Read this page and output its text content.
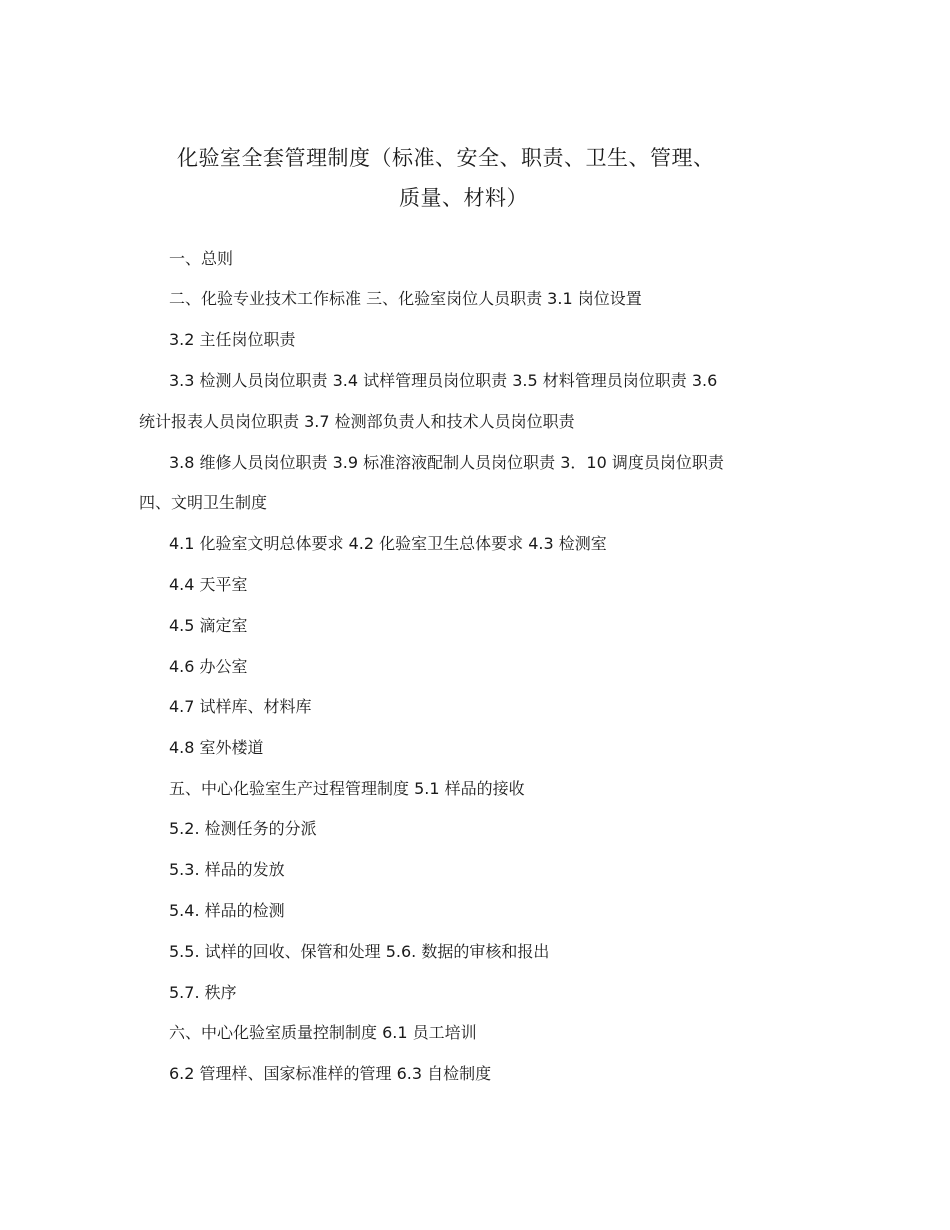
化验室全套管理制度（标准、安全、职责、卫生、管理、
质量、材料）
一、总则
二、化验专业技术工作标准 三、化验室岗位人员职责 3.1 岗位设置
3.2 主任岗位职责
3.3 检测人员岗位职责 3.4 试样管理员岗位职责 3.5 材料管理员岗位职责 3.6
统计报表人员岗位职责 3.7 检测部负责人和技术人员岗位职责
3.8 维修人员岗位职责 3.9 标准溶液配制人员岗位职责 3．10 调度员岗位职责
四、文明卫生制度
4.1 化验室文明总体要求 4.2 化验室卫生总体要求 4.3 检测室
4.4 天平室
4.5 滴定室
4.6 办公室
4.7 试样库、材料库
4.8 室外楼道
五、中心化验室生产过程管理制度 5.1 样品的接收
5.2. 检测任务的分派
5.3. 样品的发放
5.4. 样品的检测
5.5. 试样的回收、保管和处理 5.6. 数据的审核和报出
5.7. 秩序
六、中心化验室质量控制制度 6.1 员工培训
6.2 管理样、国家标准样的管理 6.3 自检制度
